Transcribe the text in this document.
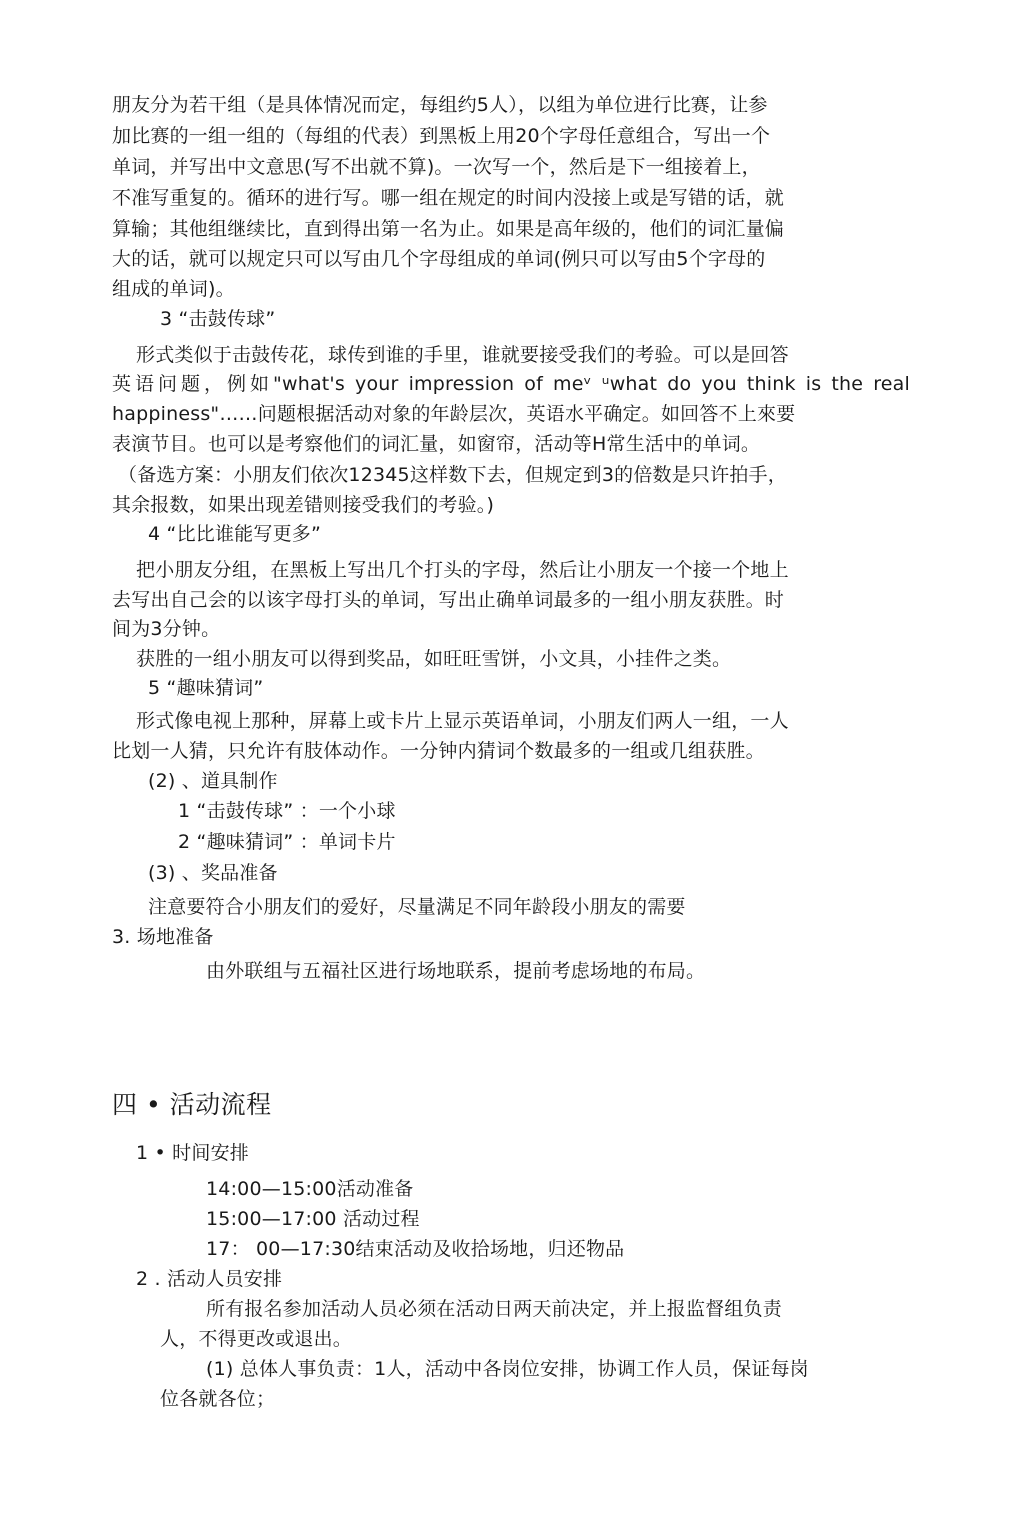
朋友分为若干组（是具体情况而定，每组约5人），以组为单位进行比赛，让参
加比赛的一组一组的（每组的代表）到黑板上用20个字母任意组合，写出一个
单词，并写出中文意思(写不出就不算)。一次写一个，然后是下一组接着上，
不准写重复的。循环的进行写。哪一组在规定的时间内没接上或是写错的话，就
算输；其他组继续比，直到得出第一名为止。如果是高年级的，他们的词汇量偏
大的话，就可以规定只可以写由几个字母组成的单词(例只可以写由5个字母的
组成的单词)。
3 “击鼓传球”
形式类似于击鼓传花，球传到谁的手里，谁就要接受我们的考验。可以是回答
英语问题，例如"what's your impression of meᵛ ᵘwhat do you think is the real
happiness"……问题根据活动对象的年龄层次，英语水平确定。如回答不上來要
表演节目。也可以是考察他们的词汇量，如窗帘，活动等H常生活中的单词。
（备选方案：小朋友们依次12345这样数下去，但规定到3的倍数是只许拍手，
其余报数，如果出现差错则接受我们的考验。)
4 “比比谁能写更多”
把小朋友分组，在黑板上写出几个打头的字母，然后让小朋友一个接一个地上
去写出自己会的以该字母打头的单词，写出止确单词最多的一组小朋友获胜。时
间为3分钟。
获胜的一组小朋友可以得到奖品，如旺旺雪饼，小文具，小挂件之类。
5 “趣味猜词”
形式像电视上那种，屏幕上或卡片上显示英语单词，小朋友们两人一组，一人
比划一人猜，只允许有肢体动作。一分钟内猜词个数最多的一组或几组获胜。
(2) 、道具制作
1 “击鼓传球” ：一个小球
2 “趣味猜词” ：单词卡片
(3) 、奖品准备
注意要符合小朋友们的爱好，尽量满足不同年龄段小朋友的需要
3. 场地准备
由外联组与五福社区进行场地联系，提前考虑场地的布局。
四 • 活动流程
1 • 时间安排
14:00—15:00活动准备
15:00—17:00 活动过程
17： 00—17:30结束活动及收拾场地，归还物品
2 . 活动人员安排
所有报名参加活动人员必须在活动日两天前决定，并上报监督组负责
人，不得更改或退出。
(1) 总体人事负责：1人，活动中各岗位安排，协调工作人员，保证每岗
位各就各位；
